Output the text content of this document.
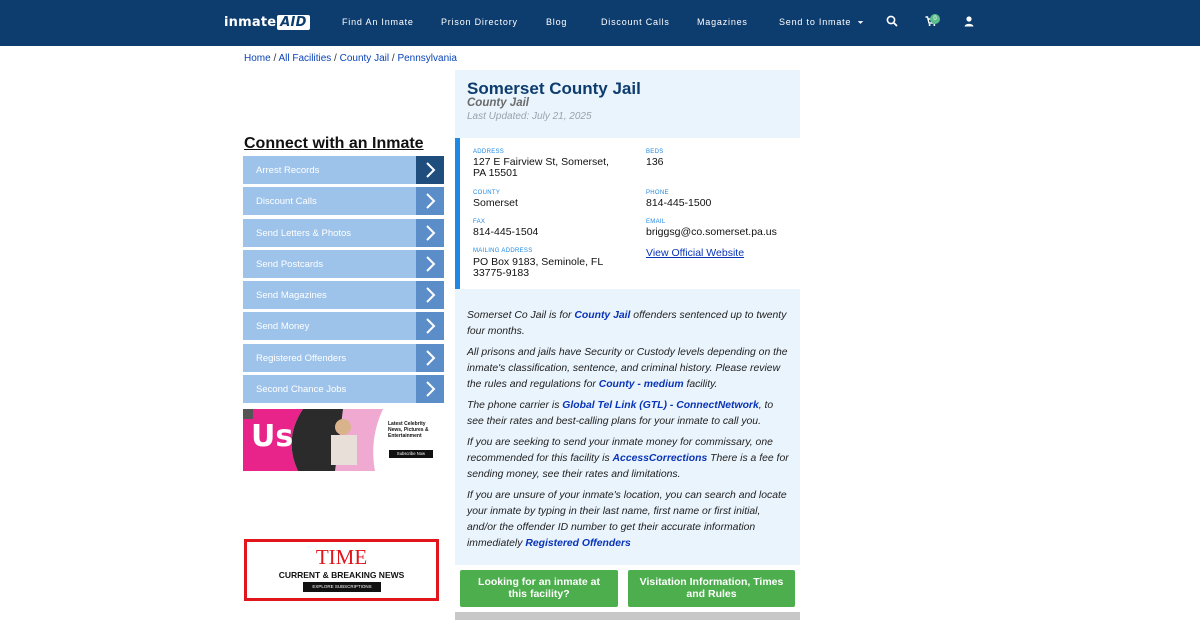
inmate AID	Find An Inmate	Prison Directory	Blog	Discount Calls	Magazines	Send to Inmate	0
Home / All Facilities / County Jail / Pennsylvania
Connect with an Inmate
Arrest Records
Discount Calls
Send Letters & Photos
Send Postcards
Send Magazines
Send Money
Registered Offenders
Second Chance Jobs
Us	Latest Celebrity News, Pictures & Entertainment
Subscribe Now
TIME
CURRENT & BREAKING NEWS
EXPLORE SUBSCRIPTIONS
Somerset County Jail
County Jail
Last Updated: July 21, 2025
ADDRESS
127 E Fairview St, Somerset,
PA 15501
BEDS
136
COUNTY
Somerset
PHONE
814-445-1500
FAX
814-445-1504
EMAIL
briggsg@co.somerset.pa.us
MAILING ADDRESS
PO Box 9183, Seminole, FL
33775-9183
View Official Website
Somerset Co Jail is for County Jail offenders sentenced up to twenty four months.
All prisons and jails have Security or Custody levels depending on the inmate's classification, sentence, and criminal history. Please review the rules and regulations for County - medium facility.
The phone carrier is Global Tel Link (GTL) - ConnectNetwork, to see their rates and best-calling plans for your inmate to call you.
If you are seeking to send your inmate money for commissary, one recommended for this facility is AccessCorrections There is a fee for sending money, see their rates and limitations.
If you are unsure of your inmate's location, you can search and locate your inmate by typing in their last name, first name or first initial, and/or the offender ID number to get their accurate information immediately Registered Offenders
Looking for an inmate at this facility?
Visitation Information, Times and Rules
